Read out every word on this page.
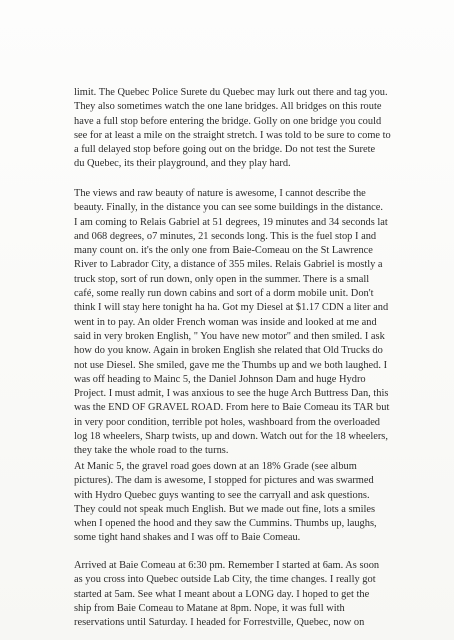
limit. The Quebec Police Surete du Quebec may lurk out there and tag you.
They also sometimes watch the one lane bridges. All bridges on this route
have a full stop before entering the bridge. Golly on one bridge you could
see for at least a mile on the straight stretch. I was told to be sure to come to
a full delayed stop before going out on the bridge. Do not test the Surete
du Quebec, its their playground, and they play hard.
The views and raw beauty of nature is awesome, I cannot describe the
beauty. Finally, in the distance you can see some buildings in the distance.
I am coming to Relais Gabriel at 51 degrees, 19 minutes and 34 seconds lat
and 068 degrees, o7 minutes, 21 seconds long. This is the fuel stop I and
many count on. it's the only one from Baie-Comeau on the St Lawrence
River to Labrador City, a distance of 355 miles. Relais Gabriel is mostly a
truck stop, sort of run down, only open in the summer. There is a small
café, some really run down cabins and sort of a dorm mobile unit. Don't
think I will stay here tonight ha ha. Got my Diesel at $1.17 CDN a liter and
went in to pay. An older French woman was inside and looked at me and
said in very broken English, " You have new motor" and then smiled. I ask
how do you know. Again in broken English she related that Old Trucks do
not use Diesel. She smiled, gave me the Thumbs up and we both laughed. I
was off heading to Mainc 5, the Daniel Johnson Dam and huge Hydro
Project. I must admit, I was anxious to see the huge Arch Buttress Dan, this
was the END OF GRAVEL ROAD. From here to Baie Comeau its TAR but
in very poor condition, terrible pot holes, washboard from the overloaded
log 18 wheelers, Sharp twists, up and down. Watch out for the 18 wheelers,
they take the whole road to the turns.
At Manic 5, the gravel road goes down at an 18% Grade (see album
pictures). The dam is awesome, I stopped for pictures and was swarmed
with Hydro Quebec guys wanting to see the carryall and ask questions.
They could not speak much English. But we made out fine, lots a smiles
when I opened the hood and they saw the Cummins. Thumbs up, laughs,
some tight hand shakes and I was off to Baie Comeau.
Arrived at Baie Comeau at 6:30 pm. Remember I started at 6am. As soon
as you cross into Quebec outside Lab City, the time changes. I really got
started at 5am. See what I meant about a LONG day. I hoped to get the
ship from Baie Comeau to Matane at 8pm. Nope, it was full with
reservations until Saturday. I headed for Forrestville, Quebec, now on
